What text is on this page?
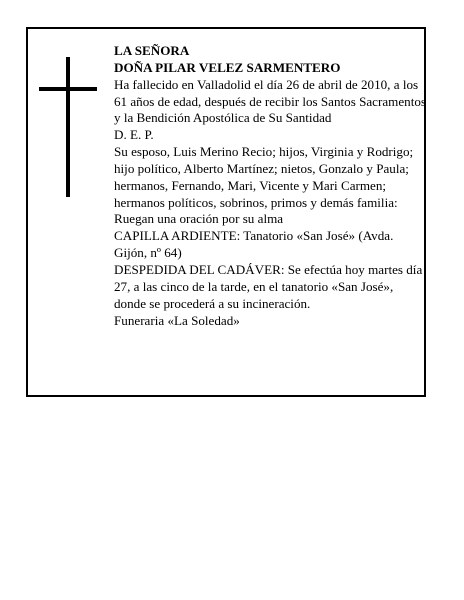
LA SEÑORA

DOÑA PILAR VELEZ SARMENTERO

Ha fallecido en Valladolid el día 26 de abril de 2010, a los 61 años de edad, después de recibir los Santos Sacramentos y la Bendición Apostólica de Su Santidad

D. E. P.

Su esposo, Luis Merino Recio; hijos, Virginia y Rodrigo; hijo político, Alberto Martínez; nietos, Gonzalo y Paula; hermanos, Fernando, Mari, Vicente y Mari Carmen; hermanos políticos, sobrinos, primos y demás familia:

Ruegan una oración por su alma

CAPILLA ARDIENTE: Tanatorio «San José» (Avda. Gijón, nº 64)

DESPEDIDA DEL CADÁVER: Se efectúa hoy martes día 27, a las cinco de la tarde, en el tanatorio «San José», donde se procederá a su incineración.

Funeraria «La Soledad»
